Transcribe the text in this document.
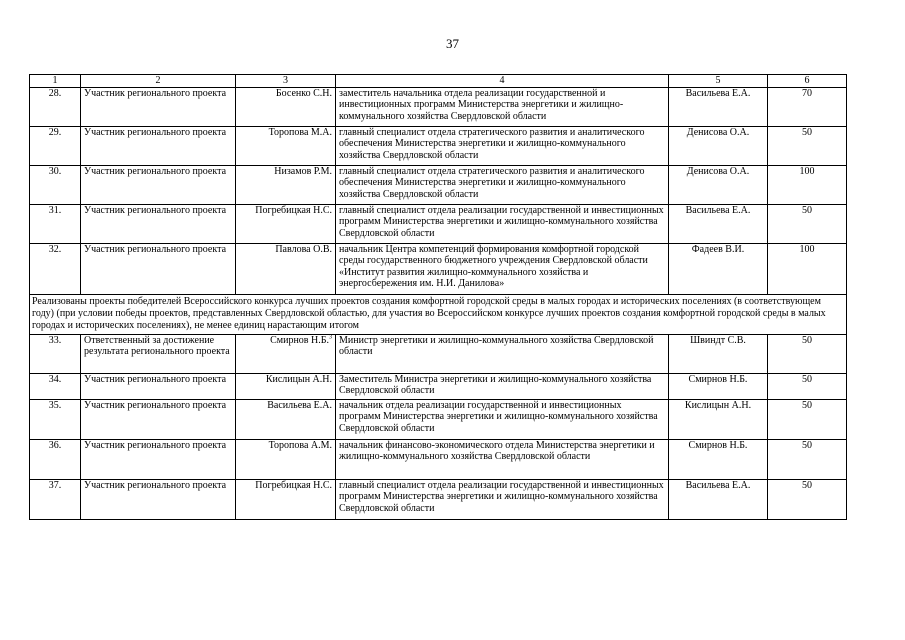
37
1	2	3	4	5	6
28.	Участник регионального проекта	Босенко С.Н.	заместитель начальника отдела реализации государственной и инвестиционных программ Министерства энергетики и жилищно-коммунального хозяйства Свердловской области	Васильева Е.А.	70
29.	Участник регионального проекта	Торопова М.А.	главный специалист отдела стратегического развития и аналитического обеспечения Министерства энергетики и жилищно-коммунального хозяйства Свердловской области	Денисова О.А.	50
30.	Участник регионального проекта	Низамов Р.М.	главный специалист отдела стратегического развития и аналитического обеспечения Министерства энергетики и жилищно-коммунального хозяйства Свердловской области	Денисова О.А.	100
31.	Участник регионального проекта	Погребицкая Н.С.	главный специалист отдела реализации государственной и инвестиционных программ Министерства энергетики и жилищно-коммунального хозяйства Свердловской области	Васильева Е.А.	50
32.	Участник регионального проекта	Павлова О.В.	начальник Центра компетенций формирования комфортной городской среды государственного бюджетного учреждения Свердловской области «Институт развития жилищно-коммунального хозяйства и энергосбережения им. Н.И. Данилова»	Фадеев В.И.	100
Реализованы проекты победителей Всероссийского конкурса лучших проектов создания комфортной городской среды в малых городах и исторических поселениях (в соответствующем году) (при условии победы проектов, представленных Свердловской областью, для участия во Всероссийском конкурсе лучших проектов создания комфортной городской среды в малых городах и исторических поселениях), не менее единиц нарастающим итогом					
33.	Ответственный за достижение результата регионального проекта	Смирнов Н.Б.$^3$	Министр энергетики и жилищно-коммунального хозяйства Свердловской области	Швиндт С.В.	50
34.	Участник регионального проекта	Кислицын А.Н.	Заместитель Министра энергетики и жилищно-коммунального хозяйства Свердловской области	Смирнов Н.Б.	50
35.	Участник регионального проекта	Васильева Е.А.	начальник отдела реализации государственной и инвестиционных программ Министерства энергетики и жилищно-коммунального хозяйства Свердловской области	Кислицын А.Н.	50
36.	Участник регионального проекта	Торопова А.М.	начальник финансово-экономического отдела Министерства энергетики и жилищно-коммунального хозяйства Свердловской области	Смирнов Н.Б.	50
37.	Участник регионального проекта	Погребицкая Н.С.	главный специалист отдела реализации государственной и инвестиционных программ Министерства энергетики и жилищно-коммунального хозяйства Свердловской области	Васильева Е.А.	50
